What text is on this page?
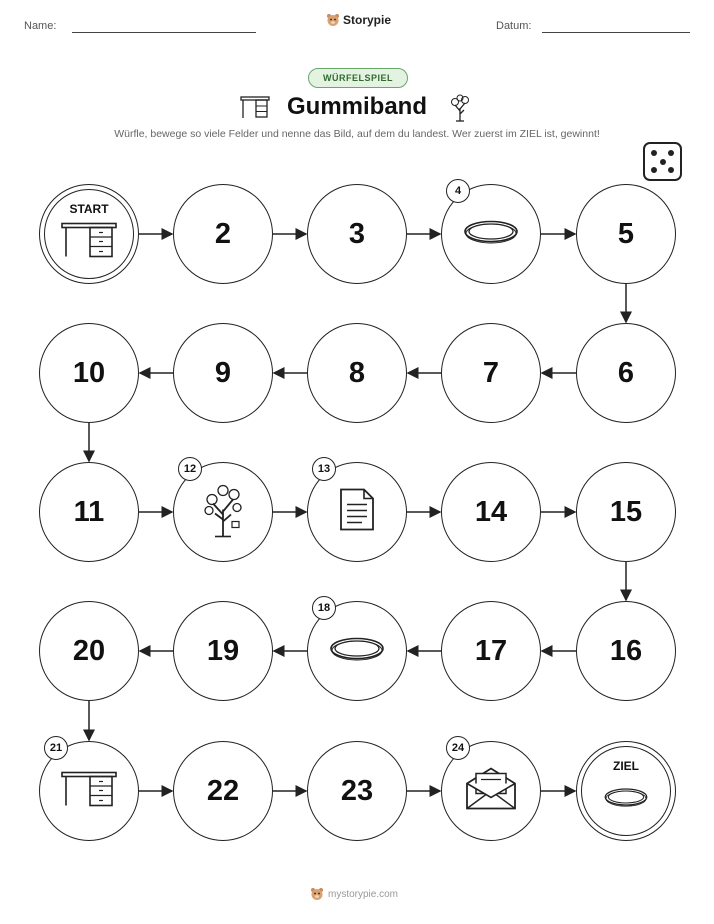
Name:	Storypie	Datum:
WÜRFELSPIEL
Gummiband
Würfle, bewege so viele Felder und nenne das Bild, auf dem du landest. Wer zuerst im ZIEL ist, gewinnt!
START
2	3
4
5
6
7
8
9
10
11
12	13
14	15
16
17
18
19
20
21
22	23
24
ZIEL
mystorypie.com
